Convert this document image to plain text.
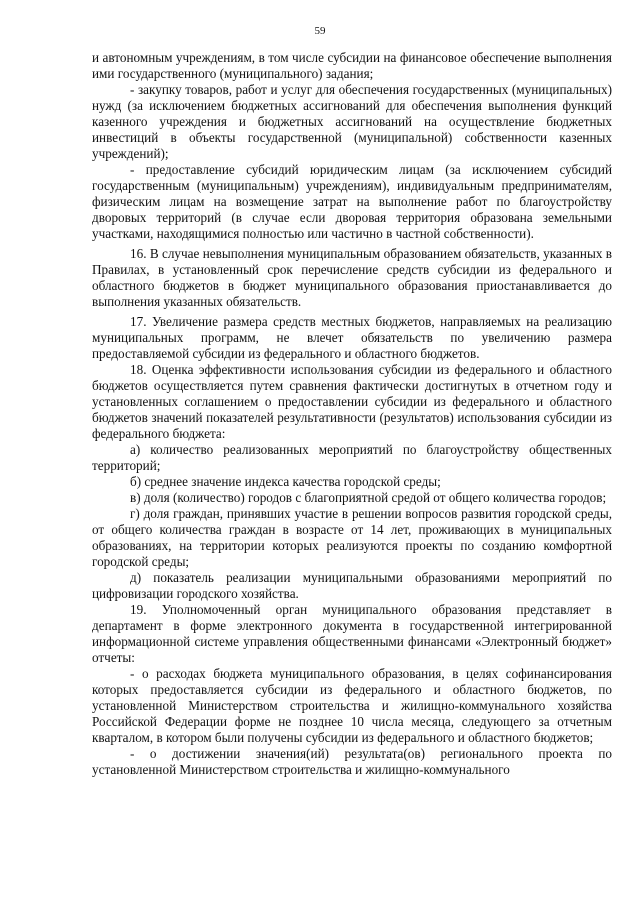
59

и автономным учреждениям, в том числе субсидии на финансовое обеспечение выполнения ими государственного (муниципального) задания;

- закупку товаров, работ и услуг для обеспечения государственных (муниципальных) нужд (за исключением бюджетных ассигнований для обеспечения выполнения функций казенного учреждения и бюджетных ассигнований на осуществление бюджетных инвестиций в объекты государственной (муниципальной) собственности казенных учреждений);

- предоставление субсидий юридическим лицам (за исключением субсидий государственным (муниципальным) учреждениям), индивидуальным предпринимателям, физическим лицам на возмещение затрат на выполнение работ по благоустройству дворовых территорий (в случае если дворовая территория образована земельными участками, находящимися полностью или частично в частной собственности).

16. В случае невыполнения муниципальным образованием обязательств, указанных в Правилах, в установленный срок перечисление средств субсидии из федерального и областного бюджетов в бюджет муниципального образования приостанавливается до выполнения указанных обязательств.

17. Увеличение размера средств местных бюджетов, направляемых на реализацию муниципальных программ, не влечет обязательств по увеличению размера предоставляемой субсидии из федерального и областного бюджетов.

18. Оценка эффективности использования субсидии из федерального и областного бюджетов осуществляется путем сравнения фактически достигнутых в отчетном году и установленных соглашением о предоставлении субсидии из федерального и областного бюджетов значений показателей результативности (результатов) использования субсидии из федерального бюджета:

а) количество реализованных мероприятий по благоустройству общественных территорий;

б) среднее значение индекса качества городской среды;

в) доля (количество) городов с благоприятной средой от общего количества городов;

г) доля граждан, принявших участие в решении вопросов развития городской среды, от общего количества граждан в возрасте от 14 лет, проживающих в муниципальных образованиях, на территории которых реализуются проекты по созданию комфортной городской среды;

д) показатель реализации муниципальными образованиями мероприятий по цифровизации городского хозяйства.

19. Уполномоченный орган муниципального образования представляет в департамент в форме электронного документа в государственной интегрированной информационной системе управления общественными финансами «Электронный бюджет» отчеты:

- о расходах бюджета муниципального образования, в целях софинансирования которых предоставляется субсидии из федерального и областного бюджетов, по установленной Министерством строительства и жилищно-коммунального хозяйства Российской Федерации форме не позднее 10 числа месяца, следующего за отчетным кварталом, в котором были получены субсидии из федерального и областного бюджетов;

- о достижении значения(ий) результата(ов) регионального проекта по установленной Министерством строительства и жилищно-коммунального
